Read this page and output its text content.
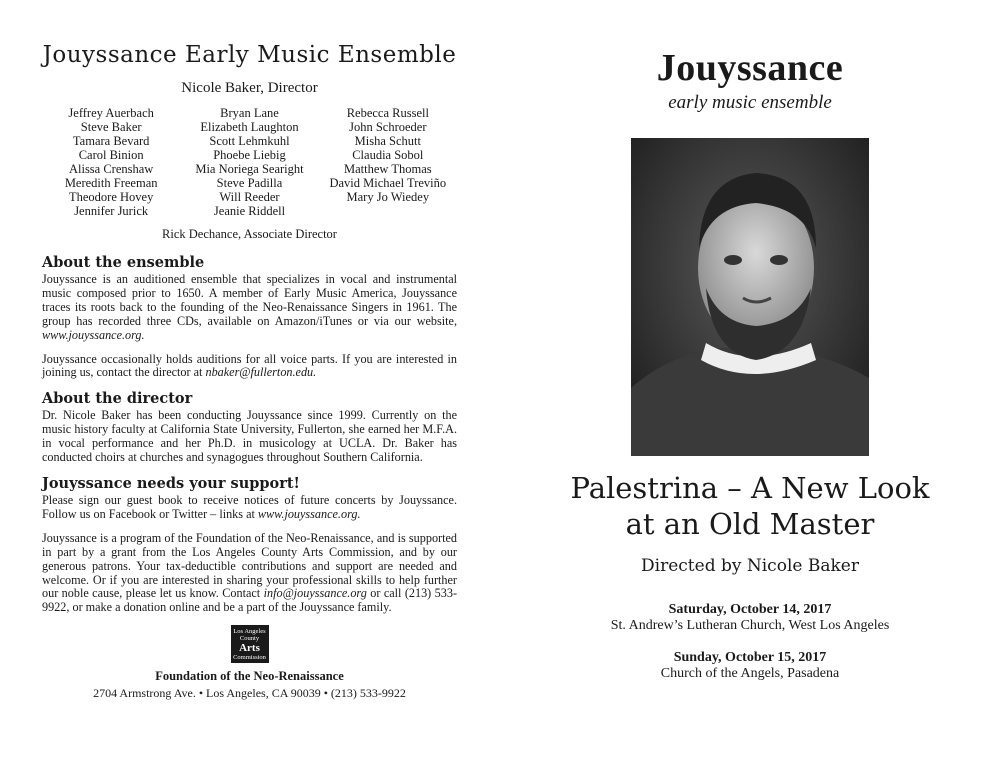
Jouyssance Early Music Ensemble
Nicole Baker, Director
Jeffrey Auerbach
Steve Baker
Tamara Bevard
Carol Binion
Alissa Crenshaw
Meredith Freeman
Theodore Hovey
Jennifer Jurick
Bryan Lane
Elizabeth Laughton
Scott Lehmkuhl
Phoebe Liebig
Mia Noriega Searight
Steve Padilla
Will Reeder
Jeanie Riddell
Rebecca Russell
John Schroeder
Misha Schutt
Claudia Sobol
Matthew Thomas
David Michael Treviño
Mary Jo Wiedey
Rick Dechance, Associate Director
About the ensemble

Jouyssance is an auditioned ensemble that specializes in vocal and instrumental music composed prior to 1650. A member of Early Music America, Jouyssance traces its roots back to the founding of the Neo-Renaissance Singers in 1961. The group has recorded three CDs, available on Amazon/iTunes or via our website, www.jouyssance.org.

Jouyssance occasionally holds auditions for all voice parts. If you are interested in joining us, contact the director at nbaker@fullerton.edu.

About the director

Dr. Nicole Baker has been conducting Jouyssance since 1999. Currently on the music history faculty at California State University, Fullerton, she earned her M.F.A. in vocal performance and her Ph.D. in musicology at UCLA. Dr. Baker has conducted choirs at churches and synagogues throughout Southern California.

Jouyssance needs your support!

Please sign our guest book to receive notices of future concerts by Jouyssance. Follow us on Facebook or Twitter – links at www.jouyssance.org.

Jouyssance is a program of the Foundation of the Neo-Renaissance, and is supported in part by a grant from the Los Angeles County Arts Commission, and by our generous patrons. Your tax-deductible contributions and support are needed and welcome. Or if you are interested in sharing your professional skills to help further our noble cause, please let us know. Contact info@jouyssance.org or call (213) 533-9922, or make a donation online and be a part of the Jouyssance family.

Los Angeles
County
Arts
Commission
Foundation of the Neo-Renaissance
2704 Armstrong Ave. • Los Angeles, CA 90039 • (213) 533-9922
Jouyssance
early music ensemble
Palestrina – A New Look
at an Old Master
Directed by Nicole Baker
Saturday, October 14, 2017
St. Andrew’s Lutheran Church, West Los Angeles
Sunday, October 15, 2017
Church of the Angels, Pasadena
